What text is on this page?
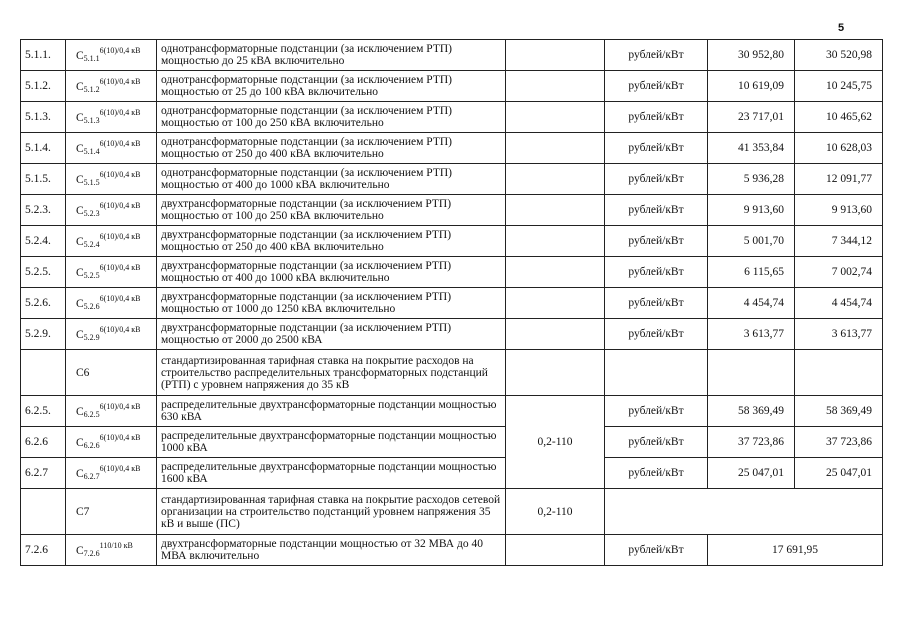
5
5.1.1.	$C5.1.1^{6(10)/0,4 кВ}$	однотрансформаторные подстанции (за исключением РТП) мощностью до 25 кВА включительно		рублей/кВт	30 952,80	30 520,98
5.1.2.	$C5.1.2^{6(10)/0,4 кВ}$	однотрансформаторные подстанции (за исключением РТП) мощностью от 25 до 100 кВА включительно		рублей/кВт	10 619,09	10 245,75
5.1.3.	$C5.1.3^{6(10)/0,4 кВ}$	однотрансформаторные подстанции (за исключением РТП) мощностью от 100 до 250 кВА включительно		рублей/кВт	23 717,01	10 465,62
5.1.4.	$C5.1.4^{6(10)/0,4 кВ}$	однотрансформаторные подстанции (за исключением РТП) мощностью от 250 до 400 кВА включительно		рублей/кВт	41 353,84	10 628,03
5.1.5.	$C5.1.5^{6(10)/0,4 кВ}$	однотрансформаторные подстанции (за исключением РТП) мощностью от 400 до 1000 кВА включительно		рублей/кВт	5 936,28	12 091,77
5.2.3.	$C5.2.3^{6(10)/0,4 кВ}$	двухтрансформаторные подстанции (за исключением РТП) мощностью от 100 до 250 кВА включительно		рублей/кВт	9 913,60	9 913,60
5.2.4.	$C5.2.4^{6(10)/0,4 кВ}$	двухтрансформаторные подстанции (за исключением РТП) мощностью от 250 до 400 кВА включительно		рублей/кВт	5 001,70	7 344,12
5.2.5.	$C5.2.5^{6(10)/0,4 кВ}$	двухтрансформаторные подстанции (за исключением РТП) мощностью от 400 до 1000 кВА включительно		рублей/кВт	6 115,65	7 002,74
5.2.6.	$C5.2.6^{6(10)/0,4 кВ}$	двухтрансформаторные подстанции (за исключением РТП) мощностью от 1000 до 1250 кВА включительно		рублей/кВт	4 454,74	4 454,74
5.2.9.	$C5.2.9^{6(10)/0,4 кВ}$	двухтрансформаторные подстанции (за исключением РТП) мощностью от 2000 до 2500 кВА		рублей/кВт	3 613,77	3 613,77
	C6	стандартизированная тарифная ставка на покрытие расходов на строительство распределительных трансформаторных подстанций (РТП) с уровнем напряжения до 35 кВ				
6.2.5.	$C6.2.5^{6(10)/0,4 кВ}$	распределительные двухтрансформаторные подстанции мощностью 630 кВА	0,2-110	рублей/кВт	58 369,49	58 369,49
6.2.6	$C6.2.6^{6(10)/0,4 кВ}$	распределительные двухтрансформаторные подстанции мощностью 1000 кВА		рублей/кВт	37 723,86	37 723,86
6.2.7	$C6.2.7^{6(10)/0,4 кВ}$	распределительные двухтрансформаторные подстанции мощностью 1600 кВА		рублей/кВт	25 047,01	25 047,01
	C7	стандартизированная тарифная ставка на покрытие расходов сетевой организации на строительство подстанций уровнем напряжения 35 кВ и выше (ПС)	0,2-110			
7.2.6	$C7.2.6^{110/10 кВ}$	двухтрансформаторные подстанции мощностью от 32 МВА до 40 МВА включительно		рублей/кВт	17 691,95	
